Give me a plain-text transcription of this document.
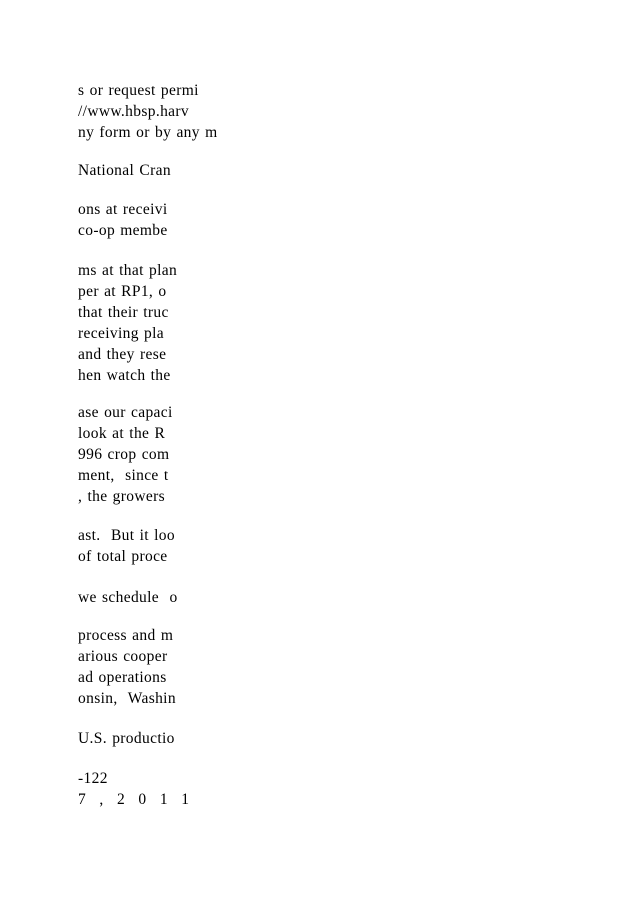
s or request permi
//www.hbsp.harv
ny form or by any m
National Cran
ons at receivi
co-op membe
ms at that plan
per at RP1, o
that their truc
receiving pla
and they rese
hen watch the
ase our capaci
look at the R
996 crop com
ment,  since t
, the growers
ast.  But it loo
of total proce
we schedule  o
process and m
arious cooper
ad operations
onsin,  Washin
U.S. productio
-122
7 , 2 0 1 1
